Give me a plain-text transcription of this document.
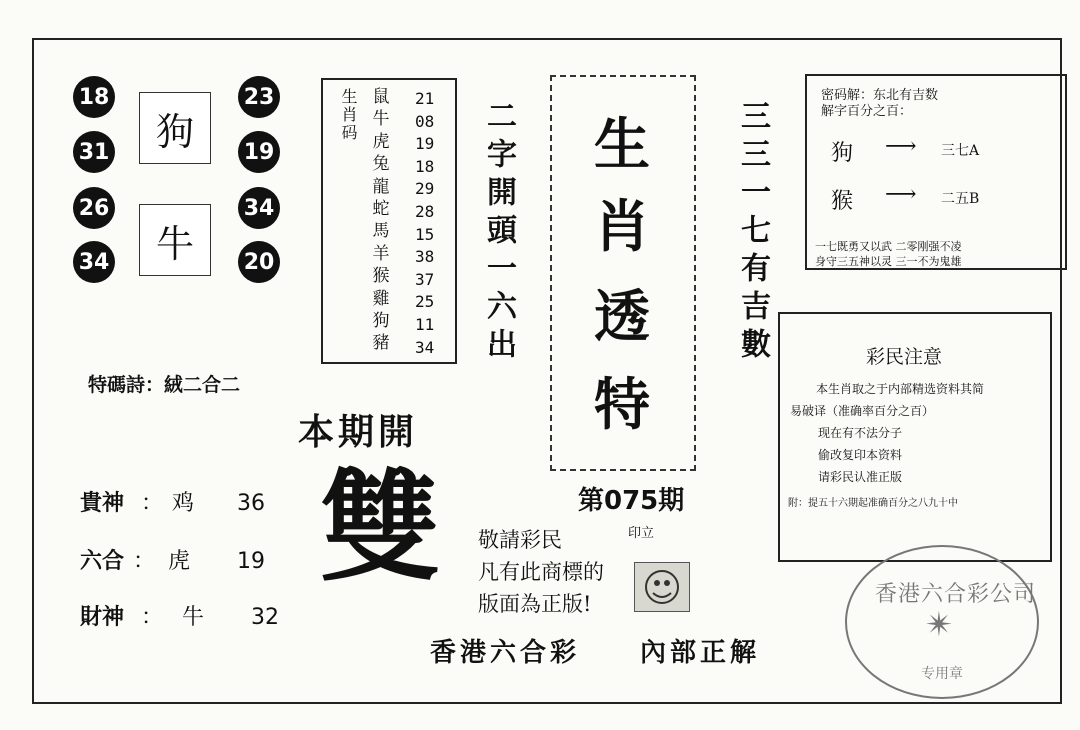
18
31
26
34
23
19
34
20
狗
牛
生肖码 鼠
牛
虎
兔
龍
蛇
馬
羊
猴
雞
狗
豬
21
08
19
18
29
28
15
38
37
25
11
34 二字開頭一六出 生
肖
透
特
三三一七有吉數
第075期
印立
密码解：东北有吉数
解字百分之百：
狗 ⟶ 三七A
猴 ⟶ 二五B
一七既勇又以武 二零刚强不凌
身守三五神以灵 三一不为鬼雄
彩民注意
本生肖取之于内部精选资料其简
易破译（准确率百分之百）
现在有不法分子
偷改复印本资料
请彩民认准正版
附：提五十六期起准确百分之八九十中
特碼詩：絨二合二
本期開
雙
貴神 ： 鸡 36
六合 ： 虎 19
財神 ： 牛 32
敬請彩民
凡有此商標的
版面為正版!
香港六合彩 內部正解
香港六合彩公司
✴
专用章
